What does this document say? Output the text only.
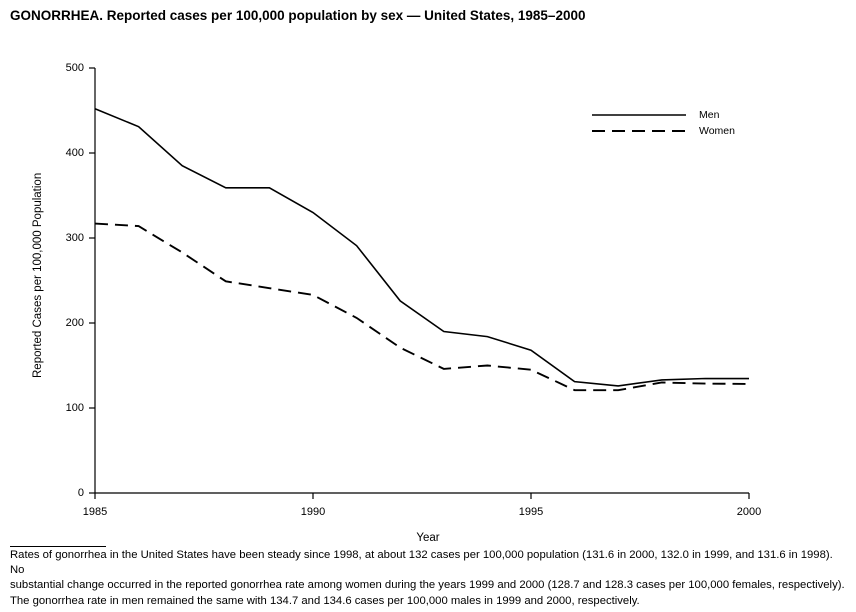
GONORRHEA. Reported cases per 100,000 population by sex — United States, 1985–2000
0
100
200
300
400
500
1985	1990	1995	2000
Men
Women
Reported Cases per 100,000 Population
Year
Rates of gonorrhea in the United States have been steady since 1998, at about 132 cases per 100,000 population (131.6 in 2000, 132.0 in 1999, and 131.6 in 1998). No
substantial change occurred in the reported gonorrhea rate among women during the years 1999 and 2000 (128.7 and 128.3 cases per 100,000 females, respectively).
The gonorrhea rate in men remained the same with 134.7 and 134.6 cases per 100,000 males in 1999 and 2000, respectively.
